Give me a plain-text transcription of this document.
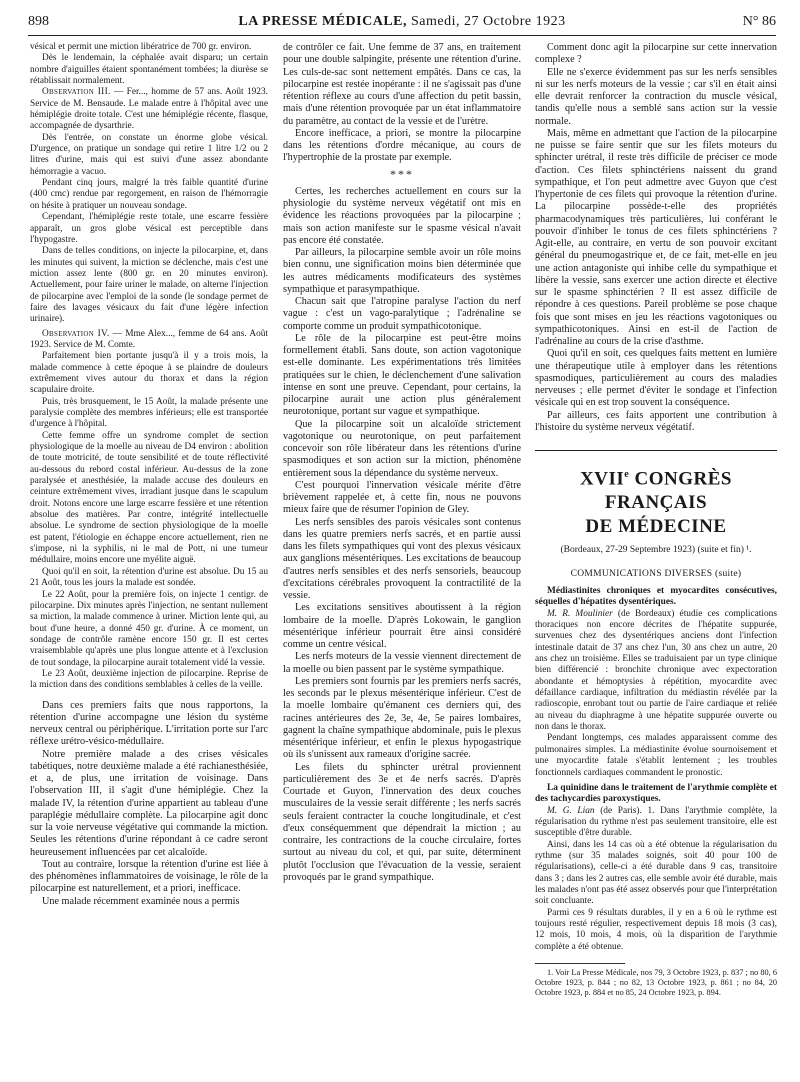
898	LA PRESSE MÉDICALE, Samedi, 27 Octobre 1923	N° 86

vésical et permit une miction libératrice de 700 gr. environ.

Dès le lendemain, la céphalée avait disparu; un certain nombre d'aiguilles étaient spontanément tombées; la diurèse se rétablissait normalement.

Observation III. — Fer..., homme de 57 ans. Août 1923. Service de M. Bensaude. Le malade entre à l'hôpital avec une hémiplégie droite totale. C'est une hémiplégie récente, flasque, accompagnée de dysarthrie.

Dès l'entrée, on constate un énorme globe vésical. D'urgence, on pratique un sondage qui retire 1 litre 1/2 ou 2 litres d'urine, mais qui est suivi d'une assez abondante hémorragie a vacuo.

Pendant cinq jours, malgré la très faible quantité d'urine (400 cmc) rendue par regorgement, en raison de l'hémorragie on hésite à pratiquer un nouveau sondage.

Cependant, l'hémiplégie reste totale, une escarre fessière apparaît, un gros globe vésical est perceptible dans l'hypogastre.

Dans de telles conditions, on injecte la pilocarpine, et, dans les minutes qui suivent, la miction se déclenche, mais c'est une miction assez lente (800 gr. en 20 minutes environ). Actuellement, pour faire uriner le malade, on alterne l'injection de pilocarpine avec l'emploi de la sonde (le sondage permet de faire des lavages vésicaux du fait d'une légère infection urinaire).

Observation IV. — Mme Alex..., femme de 64 ans. Août 1923. Service de M. Comte.

Parfaitement bien portante jusqu'à il y a trois mois, la malade commence à cette époque à se plaindre de douleurs extrêmement vives autour du thorax et dans la région scapulaire droite.

Puis, très brusquement, le 15 Août, la malade présente une paralysie complète des membres inférieurs; elle est transportée d'urgence à l'hôpital.

Cette femme offre un syndrome complet de section physiologique de la moelle au niveau de D4 environ : abolition de toute motricité, de toute sensibilité et de toute réflectivité au-dessous du rebord costal inférieur. Au-dessus de la zone paralysée et anesthésiée, la malade accuse des douleurs en ceinture extrêmement vives, irradiant jusque dans le scapulum droit. Notons encore une large escarre fessière et une rétention absolue des matières. Par contre, intégrité intellectuelle absolue. Le syndrome de section physiologique de la moelle est patent, l'étiologie en échappe encore actuellement, rien ne s'impose, ni la syphilis, ni le mal de Pott, ni une tumeur médullaire, moins encore une myélite aiguë.

Quoi qu'il en soit, la rétention d'urine est absolue. Du 15 au 21 Août, tous les jours la malade est sondée.

Le 22 Août, pour la première fois, on injecte 1 centigr. de pilocarpine. Dix minutes après l'injection, ne sentant nullement sa miction, la malade commence à uriner. Miction lente qui, au bout d'une heure, a donné 450 gr. d'urine. À ce moment, un sondage de contrôle ramène encore 150 gr. Il est certes vraisemblable qu'après une plus longue attente et à l'exclusion de tout sondage, la pilocarpine aurait totalement vidé la vessie.

Le 23 Août, deuxième injection de pilocarpine. Reprise de la miction dans des conditions semblables à celles de la veille.

Dans ces premiers faits que nous rapportons, la rétention d'urine accompagne une lésion du système nerveux central ou périphérique. L'irritation porte sur l'arc réflexe urétro-vésico-médullaire.

Notre première malade a des crises vésicales tabétiques, notre deuxième malade a été rachianesthésiée, et a, de plus, une irritation de voisinage. Dans l'observation III, il s'agit d'une hémiplégie. Chez la malade IV, la rétention d'urine appartient au tableau d'une paraplégie médullaire complète. La pilocarpine agit donc sur la voie nerveuse végétative qui commande la miction. Seules les rétentions d'urine répondant à ce cadre seront heureusement influencées par cet alcaloïde.

Tout au contraire, lorsque la rétention d'urine est liée à des phénomènes inflammatoires de voisinage, le rôle de la pilocarpine est naturellement, et a priori, inefficace.

Une malade récemment examinée nous a permis

de contrôler ce fait. Une femme de 37 ans, en traitement pour une double salpingite, présente une rétention d'urine. Les culs-de-sac sont nettement empâtés. Dans ce cas, la pilocarpine est restée inopérante : il ne s'agissait pas d'une rétention réflexe au cours d'une affection du petit bassin, mais d'une rétention provoquée par un état inflammatoire du paramètre, au contact de la vessie et de l'urètre.

Encore inefficace, a priori, se montre la pilocarpine dans les rétentions d'ordre mécanique, au cours de l'hypertrophie de la prostate par exemple.

***

Certes, les recherches actuellement en cours sur la physiologie du système nerveux végétatif ont mis en évidence les réactions provoquées par la pilocarpine ; mais son action manifeste sur le spasme vésical n'avait pas encore été constatée.

Par ailleurs, la pilocarpine semble avoir un rôle moins bien connu, une signification moins bien déterminée que les autres médicaments modificateurs des systèmes sympathique et parasympathique.

Chacun sait que l'atropine paralyse l'action du nerf vague : c'est un vago-paralytique ; l'adrénaline se comporte comme un produit sympathicotonique.

Le rôle de la pilocarpine est peut-être moins formellement établi. Sans doute, son action vagotonique est-elle dominante. Les expérimentations très limitées pratiquées sur le chien, le déclenchement d'une salivation intense en sont une preuve. Cependant, pour certains, la pilocarpine aurait une action plus généralement neurotonique, portant sur vague et sympathique.

Que la pilocarpine soit un alcaloïde strictement vagotonique ou neurotonique, on peut parfaitement concevoir son rôle libérateur dans les rétentions d'urine spasmodiques et son action sur la miction, phénomène entièrement sous la dépendance du système nerveux.

C'est pourquoi l'innervation vésicale mérite d'être brièvement rappelée et, à cette fin, nous ne pouvons mieux faire que de résumer l'opinion de Gley.

Les nerfs sensibles des parois vésicales sont contenus dans les quatre premiers nerfs sacrés, et en partie aussi dans les filets sympathiques qui vont des plexus vésicaux aux ganglions mésentériques. Les excitations de beaucoup d'autres nerfs sensibles et des nerfs sensoriels, beaucoup d'excitations cérébrales provoquent la contractilité de la vessie.

Les excitations sensitives aboutissent à la région lombaire de la moelle. D'après Lokowain, le ganglion mésentérique inférieur pourrait être ainsi considéré comme un centre vésical.

Les nerfs moteurs de la vessie viennent directement de la moelle ou bien passent par le système sympathique.

Les premiers sont fournis par les premiers nerfs sacrés, les seconds par le plexus mésentérique inférieur. C'est de la moelle lombaire qu'émanent ces derniers qui, des racines antérieures des 2e, 3e, 4e, 5e paires lombaires, gagnent la chaîne sympathique abdominale, puis le plexus mésentérique inférieur, et enfin le plexus hypogastrique où ils s'unissent aux rameaux d'origine sacrée.

Les filets du sphincter urétral proviennent particulièrement des 3e et 4e nerfs sacrés. D'après Courtade et Guyon, l'innervation des deux couches musculaires de la vessie serait différente ; les nerfs sacrés seuls feraient contracter la couche longitudinale, et c'est d'eux conséquemment que dépendrait la miction ; au contraire, les contractions de la couche circulaire, fortes surtout au niveau du col, et qui, par suite, déterminent plutôt l'occlusion que l'évacuation de la vessie, seraient provoqués par le grand sympathique.

Comment donc agit la pilocarpine sur cette innervation complexe ?

Elle ne s'exerce évidemment pas sur les nerfs sensibles ni sur les nerfs moteurs de la vessie ; car s'il en était ainsi elle devrait renforcer la contraction du muscle vésical, tandis qu'elle nous a semblé sans action sur la vessie normale.

Mais, même en admettant que l'action de la pilocarpine ne puisse se faire sentir que sur les filets moteurs du sphincter urétral, il reste très difficile de préciser ce mode d'action. Ces filets sphinctériens naissent du grand sympathique, et l'on peut admettre avec Guyon que c'est l'hypertonie de ces filets qui provoque la rétention d'urine. La pilocarpine possède-t-elle des propriétés pharmacodynamiques très particulières, lui conférant le pouvoir d'inhiber le tonus de ces filets sphinctériens ? Agit-elle, au contraire, en vertu de son pouvoir excitant général du pneumogastrique et, de ce fait, met-elle en jeu une action antagoniste qui inhibe celle du sympathique et libère la vessie, sans exercer une action directe et élective sur le spasme sphinctérien ? Il est assez difficile de répondre à ces questions. Pareil problème se pose chaque fois que sont mises en jeu les réactions vagotoniques ou sympathicotoniques. Ainsi en est-il de l'action de l'adrénaline au cours de la crise d'asthme.

Quoi qu'il en soit, ces quelques faits mettent en lumière une thérapeutique utile à employer dans les rétentions spasmodiques, particulièrement au cours des maladies nerveuses ; elle permet d'éviter le sondage et l'infection vésicale qui en est trop souvent la conséquence.

Par ailleurs, ces faits apportent une contribution à l'histoire du système nerveux végétatif.

XVIIe CONGRÈS FRANÇAIS
DE MÉDECINE
(Bordeaux, 27-29 Septembre 1923) (suite et fin) ¹.
COMMUNICATIONS DIVERSES (suite)

Médiastinites chroniques et myocardites consécutives, séquelles d'hépatites dysentériques.

M. R. Moulinier (de Bordeaux) étudie ces complications thoraciques non encore décrites de l'hépatite suppurée, survenues chez des dysentériques anciens dont l'infection intestinale datait de 37 ans chez l'un, 30 ans chez un autre, 20 ans chez un troisième. Elles se traduisaient par un type clinique bien différencié : bronchite chronique avec expectoration abondante et hémoptysies à répétition, myocardite avec défaillance cardiaque, infiltration du médiastin révélée par la radioscopie, enrobant tout ou partie de l'aire cardiaque et reliée au niveau du diaphragme à une hépatite suppurée ouverte ou non dans le thorax.

Pendant longtemps, ces malades apparaissent comme des pulmonaires simples. La médiastinite évolue sournoisement et une myocardite fatale s'établit lentement ; les troubles fonctionnels cardiaques commandent le pronostic.

La quinidine dans le traitement de l'arythmie complète et des tachycardies paroxystiques.

M. G. Lian (de Paris). 1. Dans l'arythmie complète, la régularisation du rythme n'est pas seulement transitoire, elle est susceptible d'être durable.

Ainsi, dans les 14 cas où a été obtenue la régularisation du rythme (sur 35 malades soignés, soit 40 pour 100 de régularisations), celle-ci a été durable dans 9 cas, transitoire dans 3 ; dans les 2 autres cas, elle semble avoir été durable, mais les malades n'ont pas été assez observés pour que l'interprétation soit concluante.

Parmi ces 9 résultats durables, il y en a 6 où le rythme est toujours resté régulier, respectivement depuis 18 mois (3 cas), 12 mois, 10 mois, 4 mois, où la disparition de l'arythmie complète a été obtenue.

1. Voir La Presse Médicale, nos 79, 3 Octobre 1923, p. 837 ; no 80, 6 Octobre 1923, p. 844 ; no 82, 13 Octobre 1923, p. 861 ; no 84, 20 Octobre 1923, p. 884 et no 85, 24 Octobre 1923, p. 894.
